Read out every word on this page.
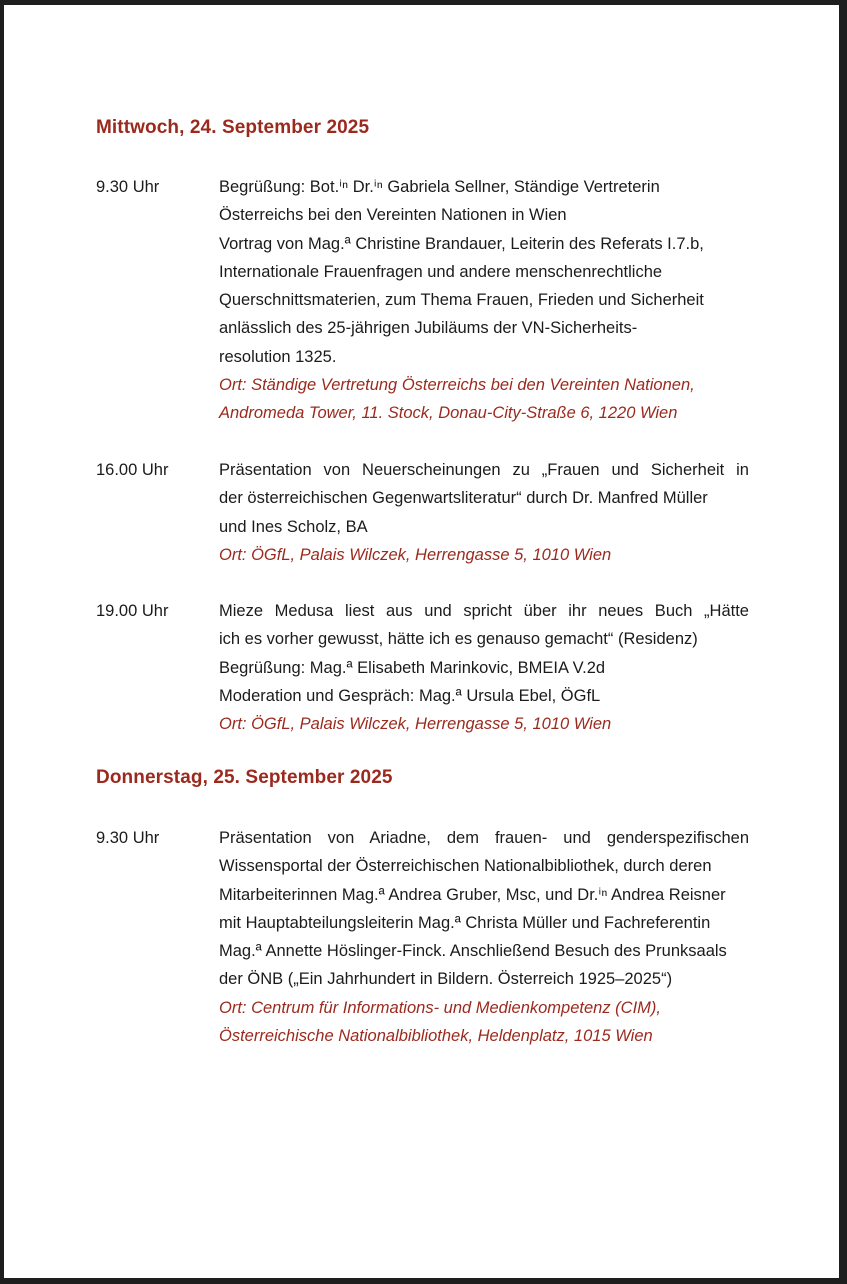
Mittwoch, 24. September 2025
9.30 Uhr	Begrüßung: Bot.ⁱⁿ Dr.ⁱⁿ Gabriela Sellner, Ständige Vertreterin
Österreichs bei den Vereinten Nationen in Wien
Vortrag von Mag.ª Christine Brandauer, Leiterin des Referats I.7.b,
Internationale Frauenfragen und andere menschenrechtliche
Querschnittsmaterien, zum Thema Frauen, Frieden und Sicherheit
anlässlich des 25-jährigen Jubiläums der VN-Sicherheits-
resolution 1325.
Ort: Ständige Vertretung Österreichs bei den Vereinten Nationen,
Andromeda Tower, 11. Stock, Donau-City-Straße 6, 1220 Wien
16.00 Uhr	Präsentation von Neuerscheinungen zu „Frauen und Sicherheit in
der österreichischen Gegenwartsliteratur“ durch Dr. Manfred Müller
und Ines Scholz, BA
Ort: ÖGfL, Palais Wilczek, Herrengasse 5, 1010 Wien
19.00 Uhr	Mieze Medusa liest aus und spricht über ihr neues Buch „Hätte
ich es vorher gewusst, hätte ich es genauso gemacht“ (Residenz)
Begrüßung: Mag.ª Elisabeth Marinkovic, BMEIA V.2d
Moderation und Gespräch: Mag.ª Ursula Ebel, ÖGfL
Ort: ÖGfL, Palais Wilczek, Herrengasse 5, 1010 Wien
Donnerstag, 25. September 2025
9.30 Uhr	Präsentation von Ariadne, dem frauen- und genderspezifischen
Wissensportal der Österreichischen Nationalbibliothek, durch deren
Mitarbeiterinnen Mag.ª Andrea Gruber, Msc, und Dr.ⁱⁿ Andrea Reisner
mit Hauptabteilungsleiterin Mag.ª Christa Müller und Fachreferentin
Mag.ª Annette Höslinger-Finck. Anschließend Besuch des Prunksaals
der ÖNB („Ein Jahrhundert in Bildern. Österreich 1925–2025“)
Ort: Centrum für Informations- und Medienkompetenz (CIM),
Österreichische Nationalbibliothek, Heldenplatz, 1015 Wien
